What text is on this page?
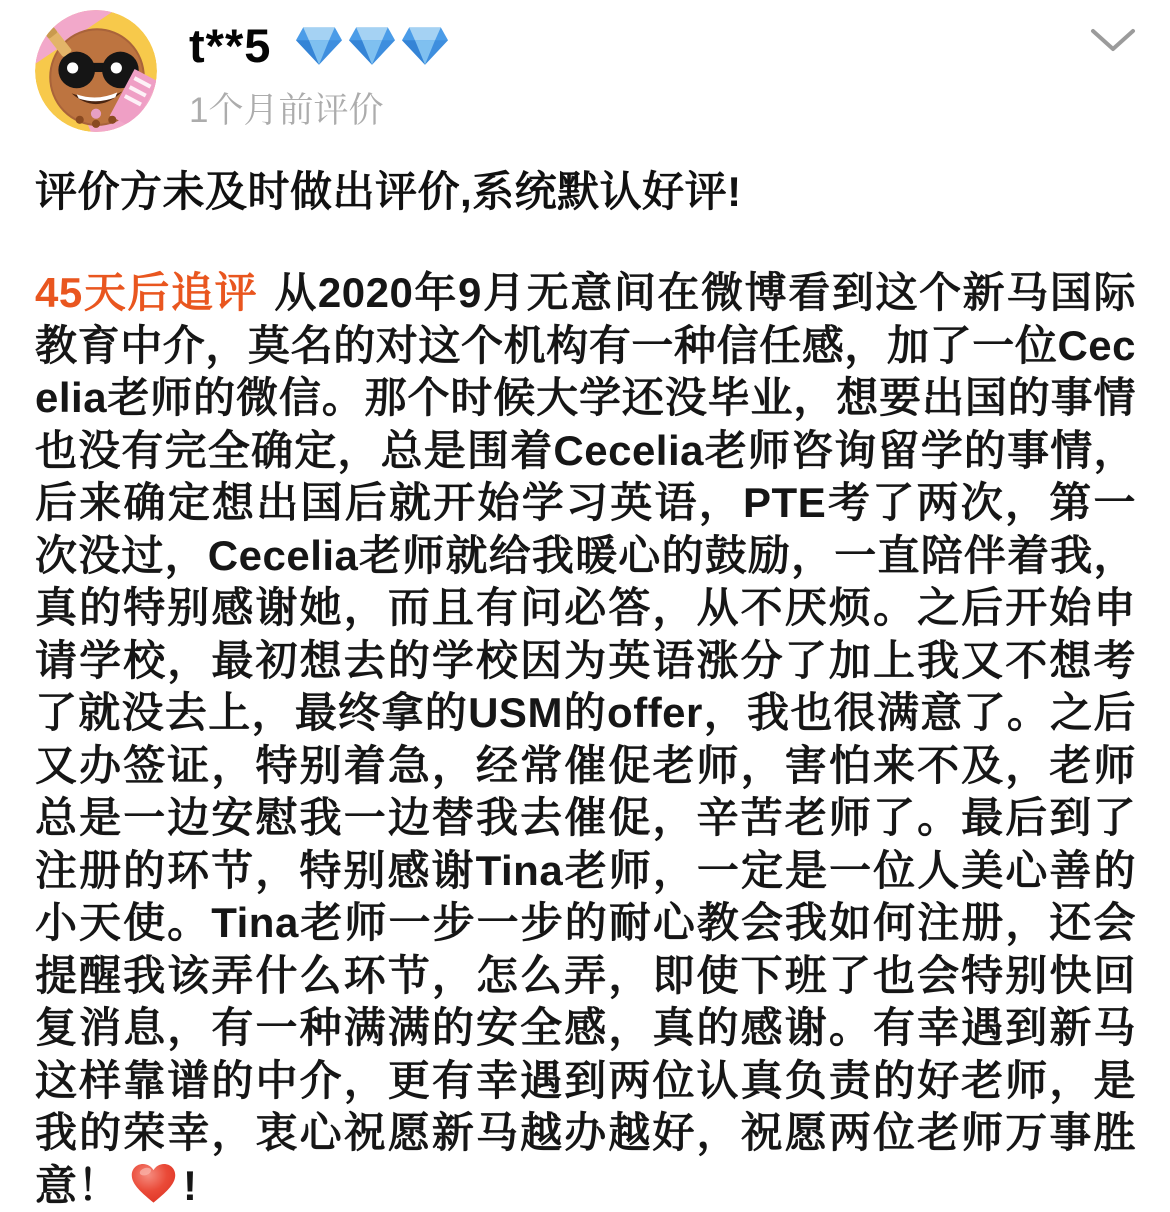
t**5
1个月前评价

评价方未及时做出评价,系统默认好评!

45天后追评 从2020年9月无意间在微博看到这个新马国际教育中介，莫名的对这个机构有一种信任感，加了一位Cecelia老师的微信。那个时候大学还没毕业，想要出国的事情也没有完全确定，总是围着Cecelia老师咨询留学的事情，后来确定想出国后就开始学习英语，PTE考了两次，第一次没过，Cecelia老师就给我暖心的鼓励，一直陪伴着我，真的特别感谢她，而且有问必答，从不厌烦。之后开始申请学校，最初想去的学校因为英语涨分了加上我又不想考了就没去上，最终拿的USM的offer，我也很满意了。之后又办签证，特别着急，经常催促老师，害怕来不及，老师总是一边安慰我一边替我去催促，辛苦老师了。最后到了注册的环节，特别感谢Tina老师，一定是一位人美心善的小天使。Tina老师一步一步的耐心教会我如何注册，还会提醒我该弄什么环节，怎么弄，即使下班了也会特别快回复消息，有一种满满的安全感，真的感谢。有幸遇到新马这样靠谱的中介，更有幸遇到两位认真负责的好老师，是我的荣幸，衷心祝愿新马越办越好，祝愿两位老师万事胜意！ !
